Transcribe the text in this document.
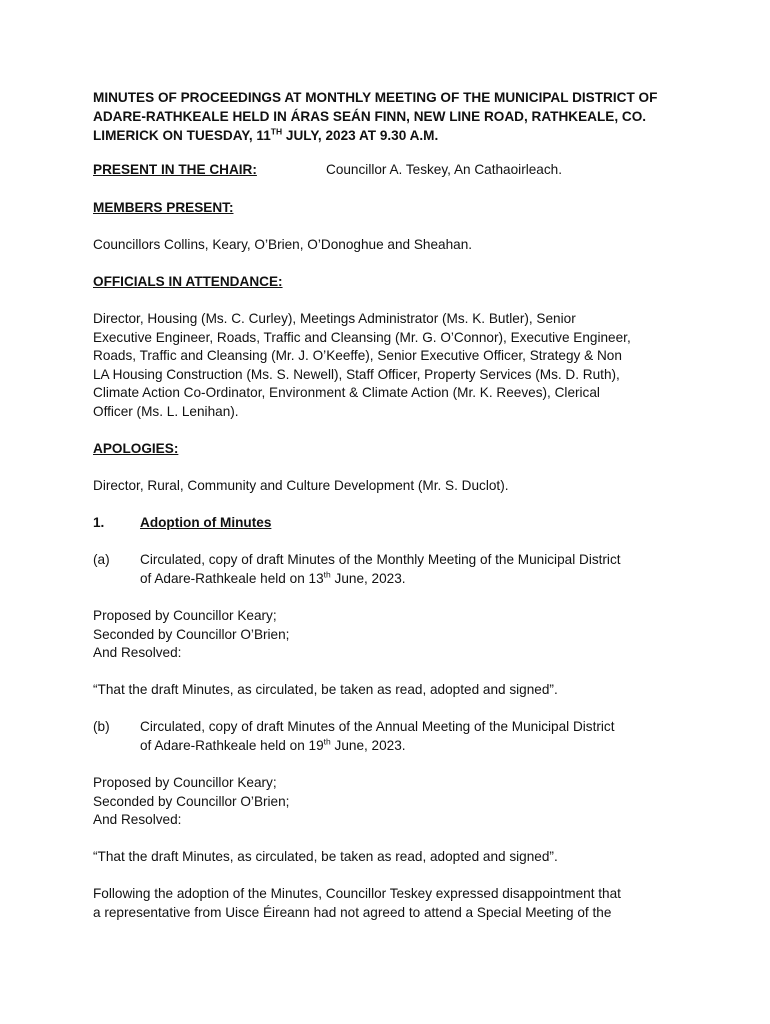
MINUTES OF PROCEEDINGS AT MONTHLY MEETING OF THE MUNICIPAL DISTRICT OF
ADARE-RATHKEALE HELD IN ÁRAS SEÁN FINN, NEW LINE ROAD, RATHKEALE, CO.
LIMERICK ON TUESDAY, 11TH JULY, 2023 AT 9.30 A.M.
PRESENT IN THE CHAIR:	Councillor A. Teskey, An Cathaoirleach.
MEMBERS PRESENT:
Councillors Collins, Keary, O’Brien, O’Donoghue and Sheahan.
OFFICIALS IN ATTENDANCE:
Director, Housing (Ms. C. Curley), Meetings Administrator (Ms. K. Butler), Senior
Executive Engineer, Roads, Traffic and Cleansing (Mr. G. O’Connor), Executive Engineer,
Roads, Traffic and Cleansing (Mr. J. O’Keeffe), Senior Executive Officer, Strategy & Non
LA Housing Construction (Ms. S. Newell), Staff Officer, Property Services (Ms. D. Ruth),
Climate Action Co-Ordinator, Environment & Climate Action (Mr. K. Reeves), Clerical
Officer (Ms. L. Lenihan).
APOLOGIES:
Director, Rural, Community and Culture Development (Mr. S. Duclot).
1.	Adoption of Minutes
(a) Circulated, copy of draft Minutes of the Monthly Meeting of the Municipal District
of Adare-Rathkeale held on 13th June, 2023.
Proposed by Councillor Keary;
Seconded by Councillor O’Brien;
And Resolved:
“That the draft Minutes, as circulated, be taken as read, adopted and signed”.
(b) Circulated, copy of draft Minutes of the Annual Meeting of the Municipal District
of Adare-Rathkeale held on 19th June, 2023.
Proposed by Councillor Keary;
Seconded by Councillor O’Brien;
And Resolved:
“That the draft Minutes, as circulated, be taken as read, adopted and signed”.
Following the adoption of the Minutes, Councillor Teskey expressed disappointment that
a representative from Uisce Éireann had not agreed to attend a Special Meeting of the
